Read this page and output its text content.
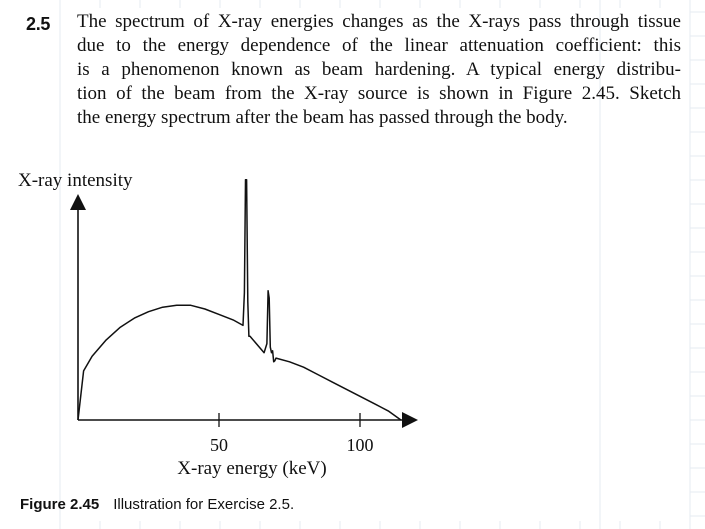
2.5 The spectrum of X-ray energies changes as the X-rays pass through tissue
due to the energy dependence of the linear attenuation coefficient: this
is a phenomenon known as beam hardening. A typical energy distribu-
tion of the beam from the X-ray source is shown in Figure 2.45. Sketch
the energy spectrum after the beam has passed through the body.
50	100
X-ray intensity
X-ray energy (keV)
Figure 2.45 Illustration for Exercise 2.5.
